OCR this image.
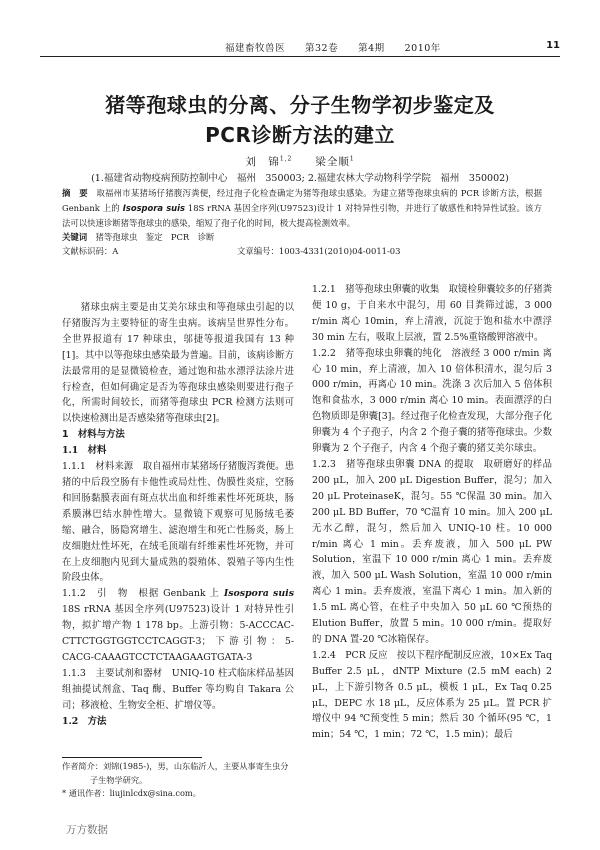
福建畜牧兽医　　第32卷　　第4期　　2010年	11
猪等孢球虫的分离、分子生物学初步鉴定及
PCR诊断方法的建立
刘　锦$^{1,2}$　　 梁全顺$^1$
(1.福建省动物疫病预防控制中心　福州　350003; 2.福建农林大学动物科学学院　福州　350002)
摘　要　 取福州市某猪场仔猪腹泻粪便，经过孢子化检查确定为猪等孢球虫感染。为建立猪等孢球虫病的 PCR 诊断方法，根据 Genbank 上的 Isospora suis 18S rRNA 基因全序列(U97523)设计 1 对特异性引物，并进行了敏感性和特异性试验。该方法可以快速诊断猪等孢球虫的感染，缩短了孢子化的时间，极大提高检测效率。
关键词　 猪等孢球虫　鉴定　PCR　诊断
文献标识码：A	文章编号：1003-4331(2010)04-0011-03

猪球虫病主要是由艾美尔球虫和等孢球虫引起的以仔猪腹泻为主要特征的寄生虫病。该病呈世界性分布。全世界报道有 17 种球虫，邬捷等报道我国有 13 种[1]。其中以等孢球虫感染最为普遍。目前，该病诊断方法最常用的是显微镜检查，通过饱和盐水漂浮法涂片进行检查，但如何确定是否为等孢球虫感染则要进行孢子化，所需时间较长，而猪等孢球虫 PCR 检测方法则可以快速检测出是否感染猪等孢球虫[2]。

1　材料与方法

1.1　材料

1.1.1　材料来源　取自福州市某猪场仔猪腹泻粪便。患猪的中后段空肠有卡他性或局灶性、伪膜性炎症，空肠和回肠黏膜表面有斑点状出血和纤维素性坏死斑块，肠系膜淋巴结水肿性增大。显微镜下观察可见肠绒毛萎缩、融合，肠隐窝增生、滤泡增生和死亡性肠炎，肠上皮细胞灶性坏死，在绒毛顶端有纤维素性坏死物，并可在上皮细胞内见到大量成熟的裂殖体、裂殖子等内生性阶段虫体。

1.1.2　引　物　根据 Genbank 上 Isospora suis 18S rRNA 基因全序列(U97523)设计 1 对特异性引物，拟扩增产物 1 178 bp。上游引物：5-ACCCAC-CTTCTGGTGGTCCTCAGGT-3；下游引物：5- CACG-CAAAGTCCTCTAAGAAGTGATA-3

1.1.3　主要试剂和器材　UNIQ-10 柱式临床样品基因组抽提试剂盒、Taq 酶、Buffer 等均购自 Takara 公司；移液枪、生物安全柜、扩增仪等。

1.2　方法

1.2.1　猪等孢球虫卵囊的收集　取镜检卵囊较多的仔猪粪便 10 g，于自来水中混匀，用 60 目粪筛过滤，3 000 r/min 离心 10min，弃上清液，沉淀于饱和盐水中漂浮 30 min 左右，吸取上层液，置 2.5%重铬酸钾溶液中。

1.2.2　猪等孢球虫卵囊的纯化　溶液经 3 000 r/min 离心 10 min，弃上清液，加入 10 倍体积清水，混匀后 3 000 r/min，再离心 10 min。洗涤 3 次后加入 5 倍体积饱和食盐水，3 000 r/min 离心 10 min。表面漂浮的白色物质即是卵囊[3]。经过孢子化检查发现，大部分孢子化卵囊为 4 个子孢子，内含 2 个孢子囊的猪等孢球虫。少数卵囊为 2 个子孢子，内含 4 个孢子囊的猪艾美尔球虫。

1.2.3　猪等孢球虫卵囊 DNA 的提取　取研磨好的样品 200 μL，加入 200 μL Digestion Buffer，混匀；加入 20 μL ProteinaseK，混匀。55 ℃保温 30 min。加入 200 μL BD Buffer，70 ℃温育 10 min。加入 200 μL 无水乙醇，混匀，然后加入 UNIQ-10 柱。10 000 r/min 离心 1 min。丢弃废液，加入 500 μL PW Solution，室温下 10 000 r/min 离心 1 min。丢弃废液，加入 500 μL Wash Solution，室温 10 000 r/min 离心 1 min。丢弃废液，室温下离心 1 min。加入新的 1.5 mL 离心管，在柱子中央加入 50 μL 60 ℃预热的 Elution Buffer，放置 5 min。10 000 r/min。提取好的 DNA 置-20 ℃冰箱保存。

1.2.4　PCR 反应　按以下程序配制反应液，10×Ex Taq Buffer 2.5 μL，dNTP Mixture (2.5 mM each) 2 μL，上下游引物各 0.5 μL，模板 1 μL，Ex Taq 0.25 μL，DEPC 水 18 μL，反应体系为 25 μL。置 PCR 扩增仪中 94 ℃预变性 5 min；然后 30 个循环(95 ℃，1 min；54 ℃，1 min；72 ℃，1.5 min)；最后

作者简介：刘锦(1985-)，男，山东临沂人，主要从事寄生虫分

子生物学研究。

* 通讯作者：liujinlcdx@sina.com。

万方数据
